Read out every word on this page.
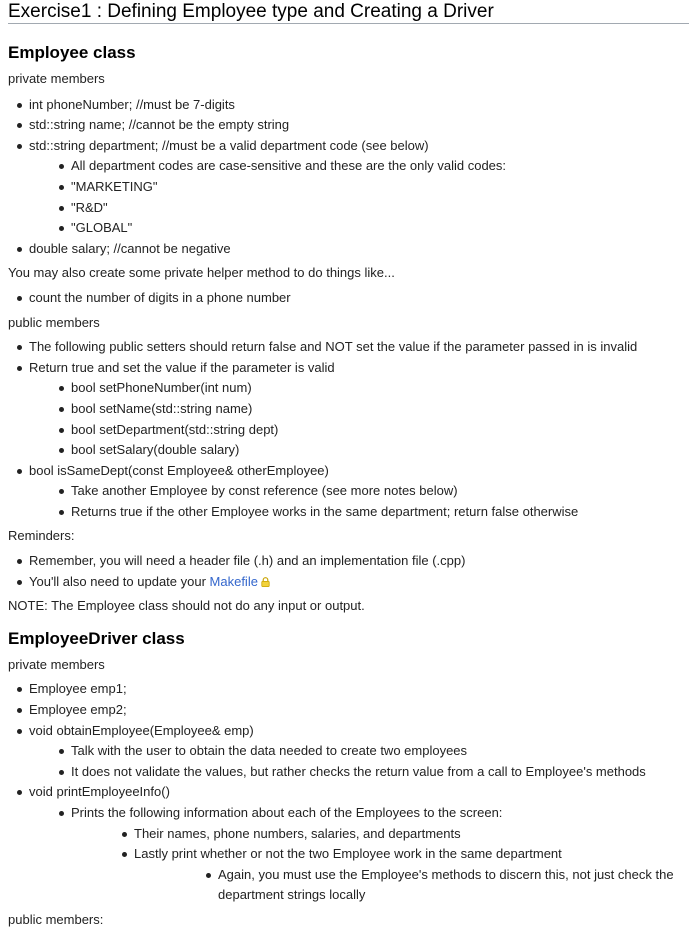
Exercise1 : Defining Employee type and Creating a Driver
Employee class

private members

int phoneNumber; //must be 7-digits
std::string name; //cannot be the empty string
std::string department; //must be a valid department code (see below)
All department codes are case-sensitive and these are the only valid codes:
"MARKETING"
"R&D"
"GLOBAL"
double salary; //cannot be negative

You may also create some private helper method to do things like...

count the number of digits in a phone number

public members

The following public setters should return false and NOT set the value if the parameter passed in is invalid
Return true and set the value if the parameter is valid
bool setPhoneNumber(int num)
bool setName(std::string name)
bool setDepartment(std::string dept)
bool setSalary(double salary)
bool isSameDept(const Employee& otherEmployee)
Take another Employee by const reference (see more notes below)
Returns true if the other Employee works in the same department; return false otherwise

Reminders:

Remember, you will need a header file (.h) and an implementation file (.cpp)
You'll also need to update your Makefile

NOTE: The Employee class should not do any input or output.

EmployeeDriver class

private members

Employee emp1;
Employee emp2;
void obtainEmployee(Employee& emp)
Talk with the user to obtain the data needed to create two employees
It does not validate the values, but rather checks the return value from a call to Employee's methods
void printEmployeeInfo()
Prints the following information about each of the Employees to the screen:
Their names, phone numbers, salaries, and departments
Lastly print whether or not the two Employee work in the same department
Again, you must use the Employee's methods to discern this, not just check the department strings locally

public members:
